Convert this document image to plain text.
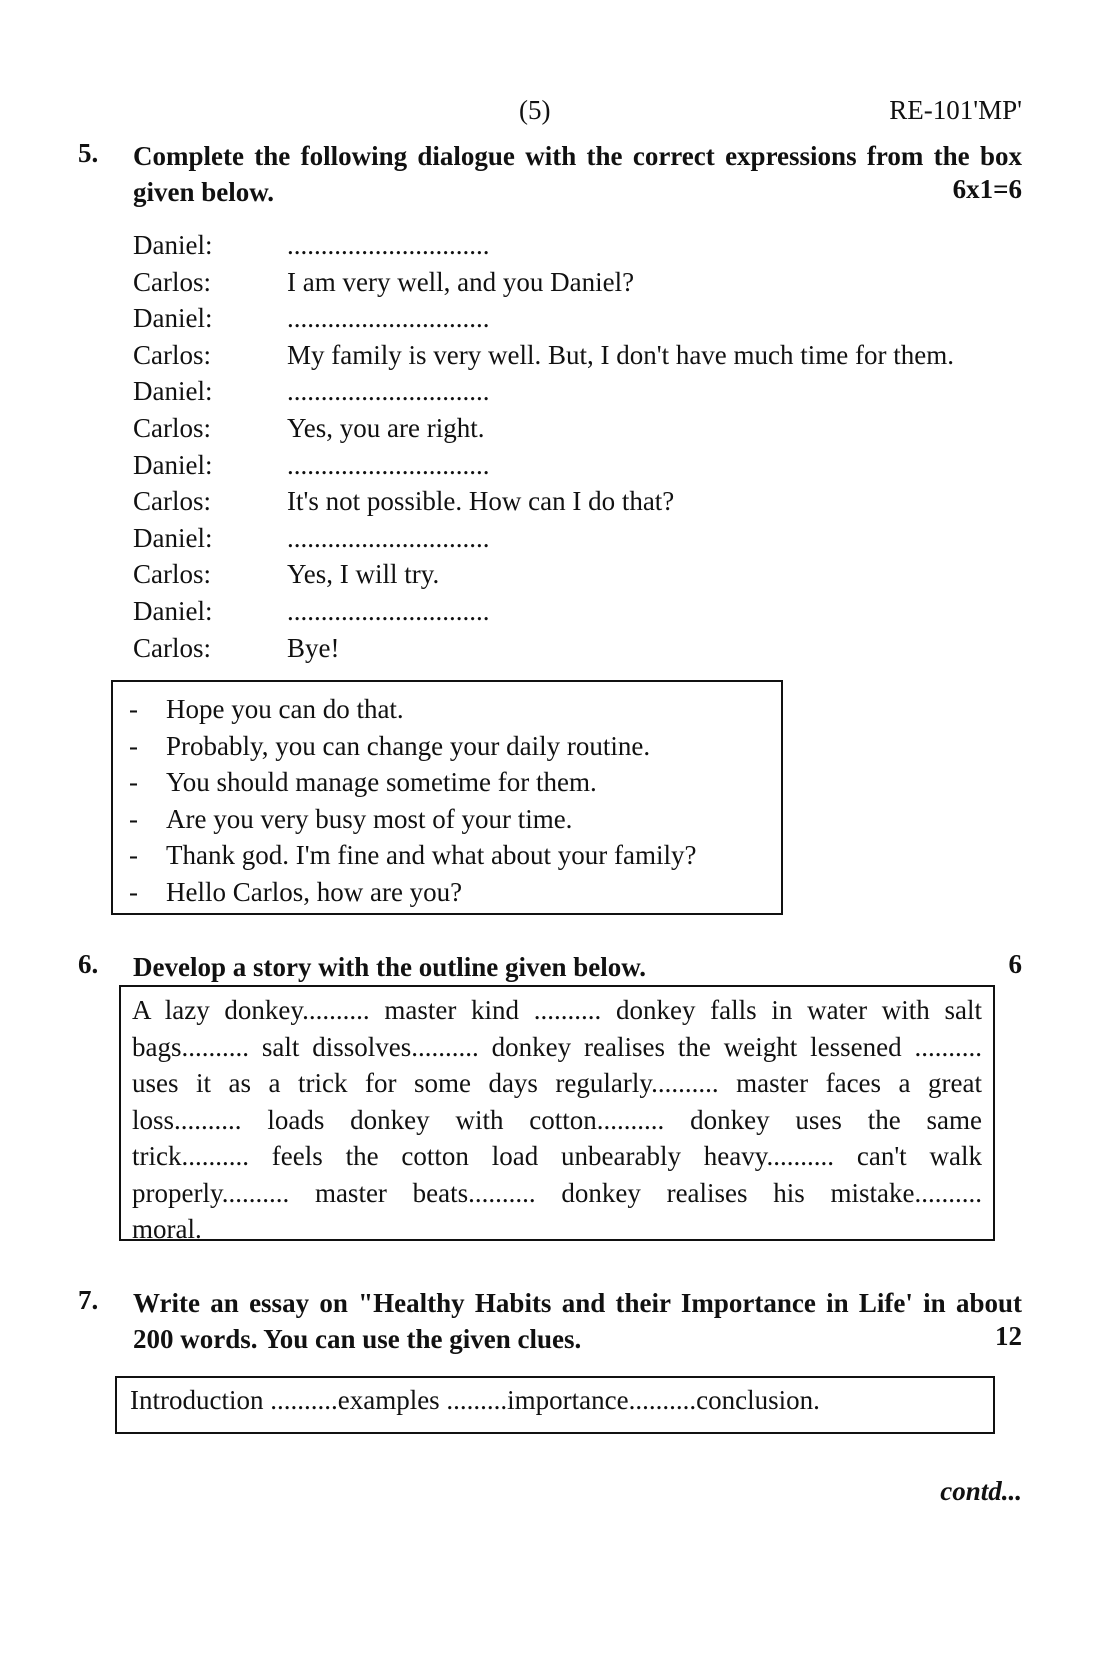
(5)	RE-101'MP'
5. Complete the following dialogue with the correct expressions from the box given below.	6x1=6
Daniel:	..............................
Carlos:	I am very well, and you Daniel?
Daniel:	..............................
Carlos:	My family is very well. But, I don't have much time for them.
Daniel:	..............................
Carlos:	Yes, you are right.
Daniel:	..............................
Carlos:	It's not possible. How can I do that?
Daniel:	..............................
Carlos:	Yes, I will try.
Daniel:	..............................
Carlos:	Bye!
-	Hope you can do that.
-	Probably, you can change your daily routine.
-	You should manage sometime for them.
-	Are you very busy most of your time.
-	Thank god. I'm fine and what about your family?
-	Hello Carlos, how are you?
6. Develop a story with the outline given below.	6
A lazy donkey.......... master kind .......... donkey falls in water with salt
bags.......... salt dissolves.......... donkey realises the weight lessened ..........
uses it as a trick for some days regularly.......... master faces a great
loss.......... loads donkey with cotton.......... donkey uses the same
trick.......... feels the cotton load unbearably heavy.......... can't walk
properly.......... master beats.......... donkey realises his mistake..........
moral.
7. Write an essay on "Healthy Habits and their Importance in Life' in about 200 words. You can use the given clues.	12
Introduction ..........examples .........importance..........conclusion.
contd...
